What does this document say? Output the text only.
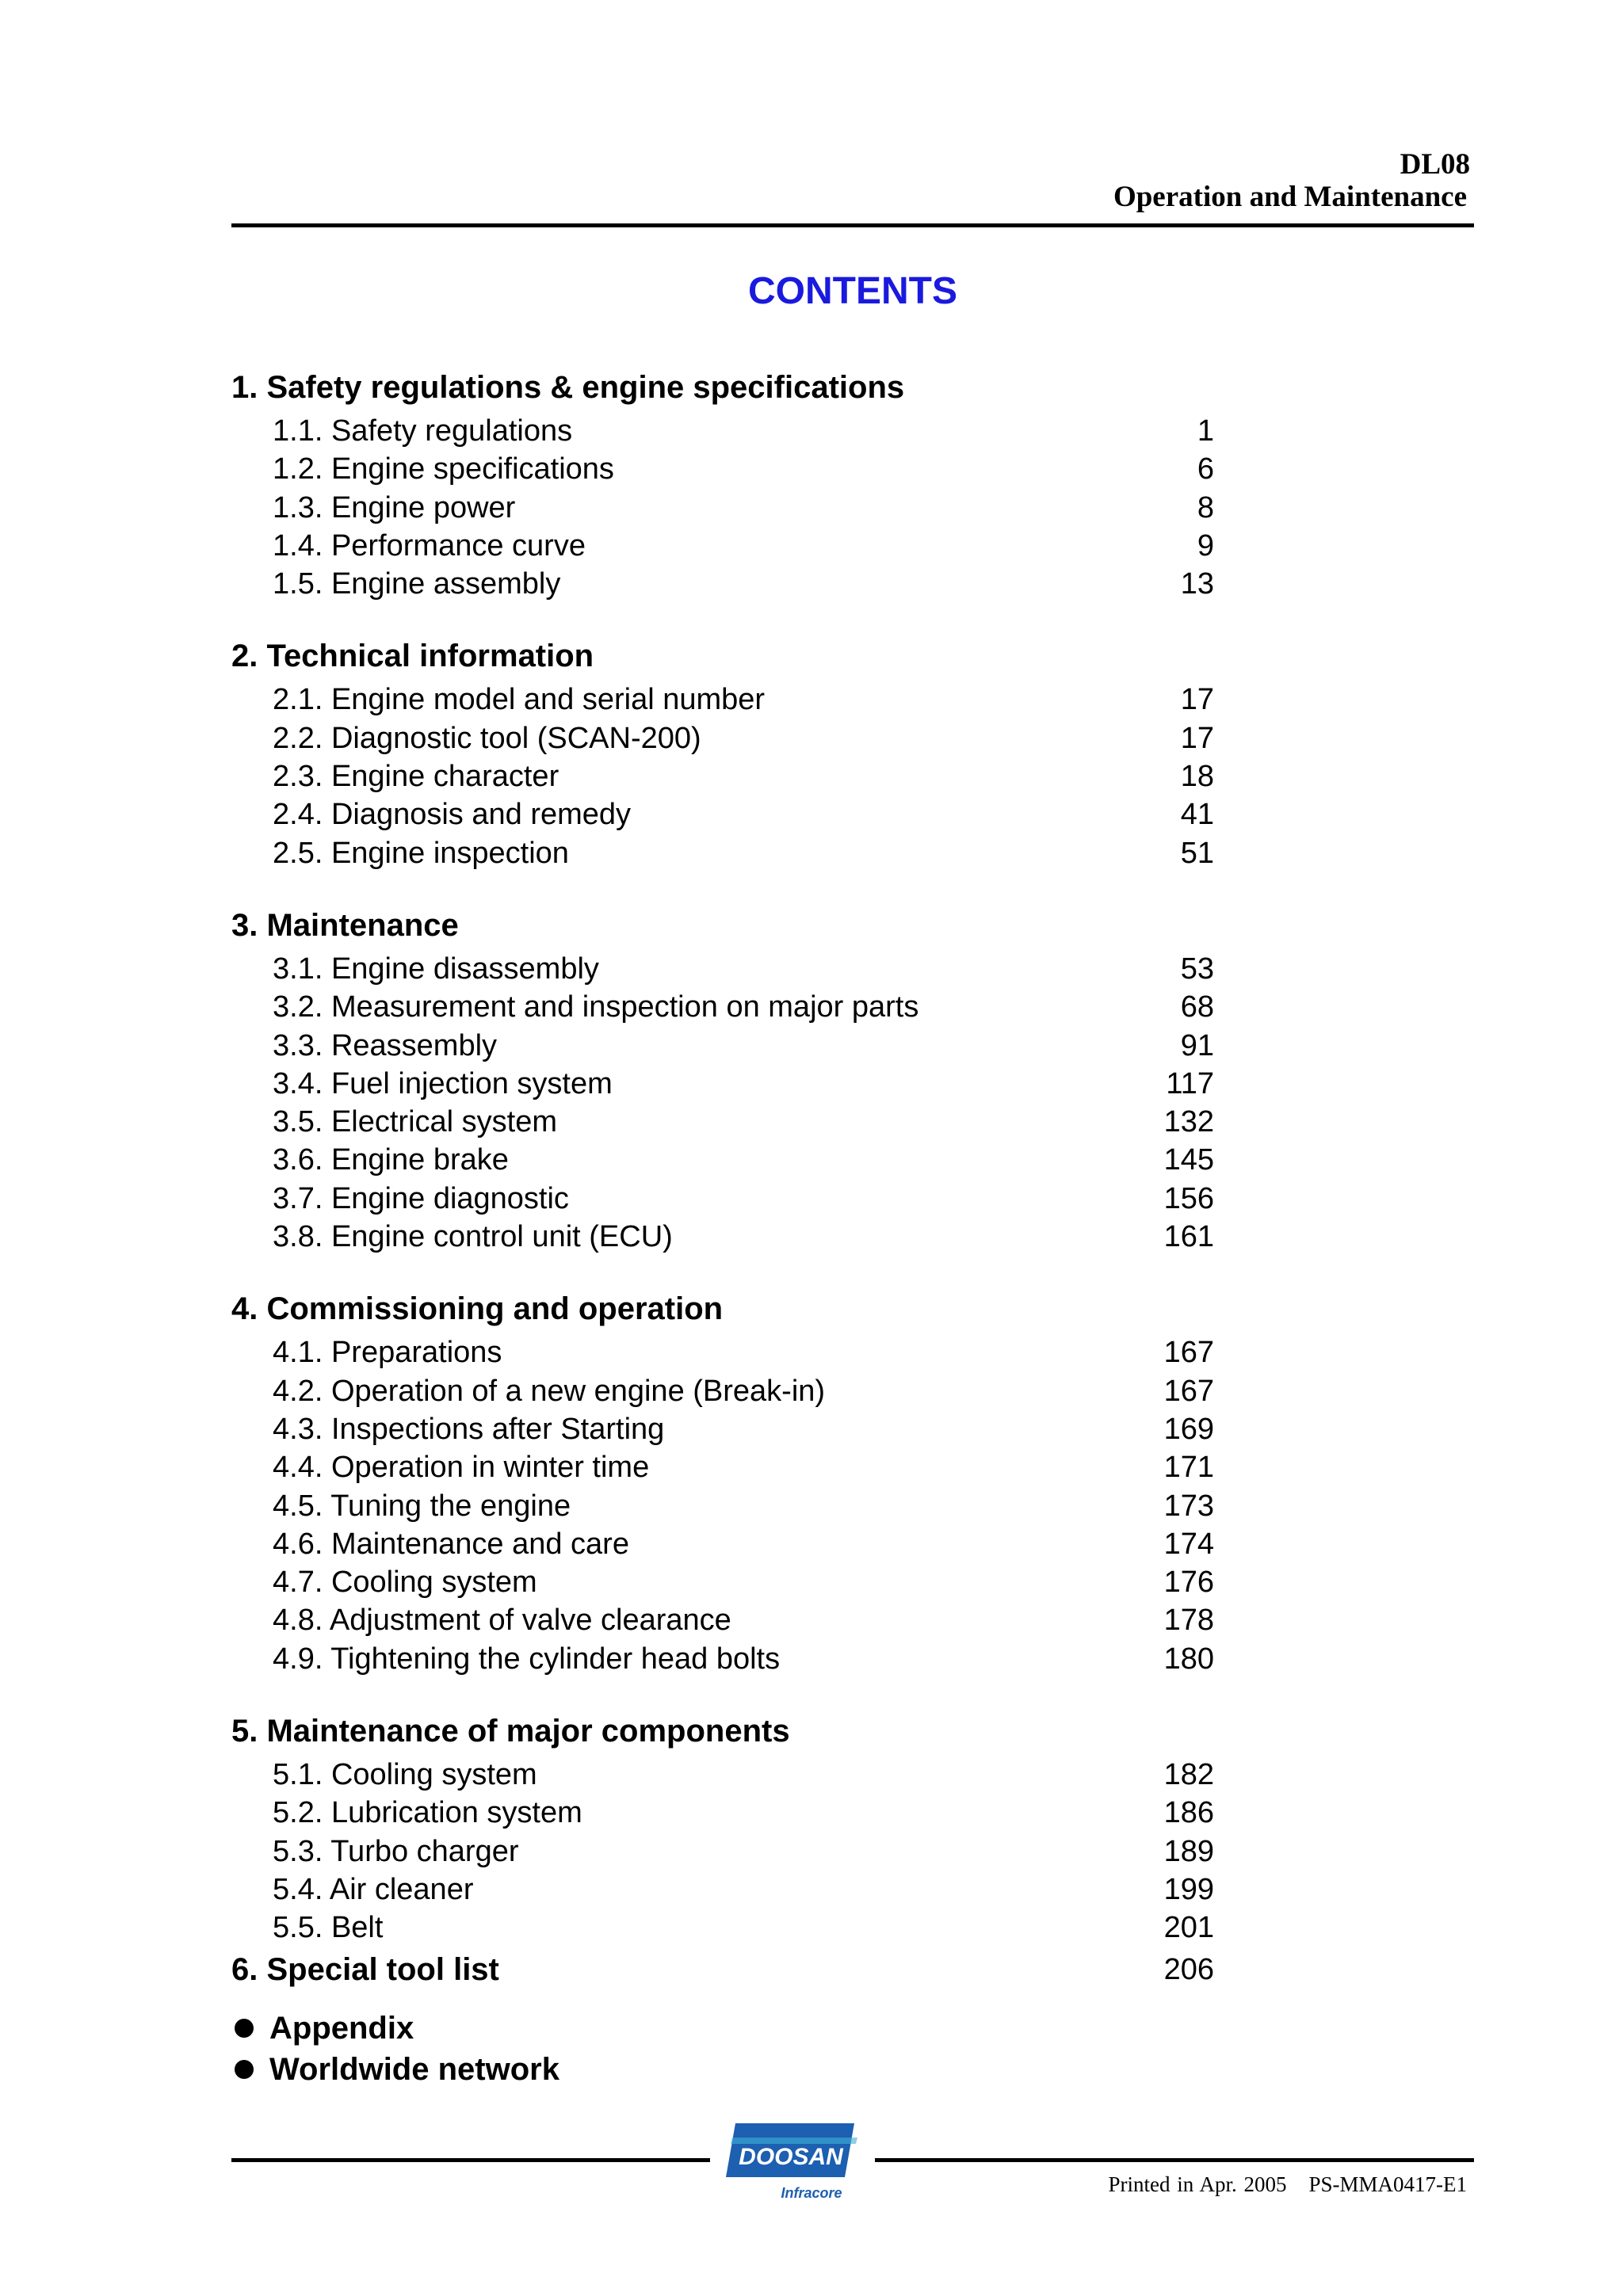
DL08
Operation and Maintenance
CONTENTS
1. Safety regulations & engine specifications
1.1. Safety regulations	1
1.2. Engine specifications	6
1.3. Engine power	8
1.4. Performance curve	9
1.5. Engine assembly	13
2. Technical information
2.1. Engine model and serial number	17
2.2. Diagnostic tool (SCAN-200)	17
2.3. Engine character	18
2.4. Diagnosis and remedy	41
2.5. Engine inspection	51
3. Maintenance
3.1. Engine disassembly	53
3.2. Measurement and inspection on major parts	68
3.3. Reassembly	91
3.4. Fuel injection system	117
3.5. Electrical system	132
3.6. Engine brake	145
3.7. Engine diagnostic	156
3.8. Engine control unit (ECU)	161
4. Commissioning and operation
4.1. Preparations	167
4.2. Operation of a new engine (Break-in)	167
4.3. Inspections after Starting	169
4.4. Operation in winter time	171
4.5. Tuning the engine	173
4.6. Maintenance and care	174
4.7. Cooling system	176
4.8. Adjustment of valve clearance	178
4.9. Tightening the cylinder head bolts	180
5. Maintenance of major components
5.1. Cooling system	182
5.2. Lubrication system	186
5.3. Turbo charger	189
5.4. Air cleaner	199
5.5. Belt	201
6. Special tool list	206
Appendix
Worldwide network
DOOSAN
Infracore	Printed in Apr. 2005 PS-MMA0417-E1
